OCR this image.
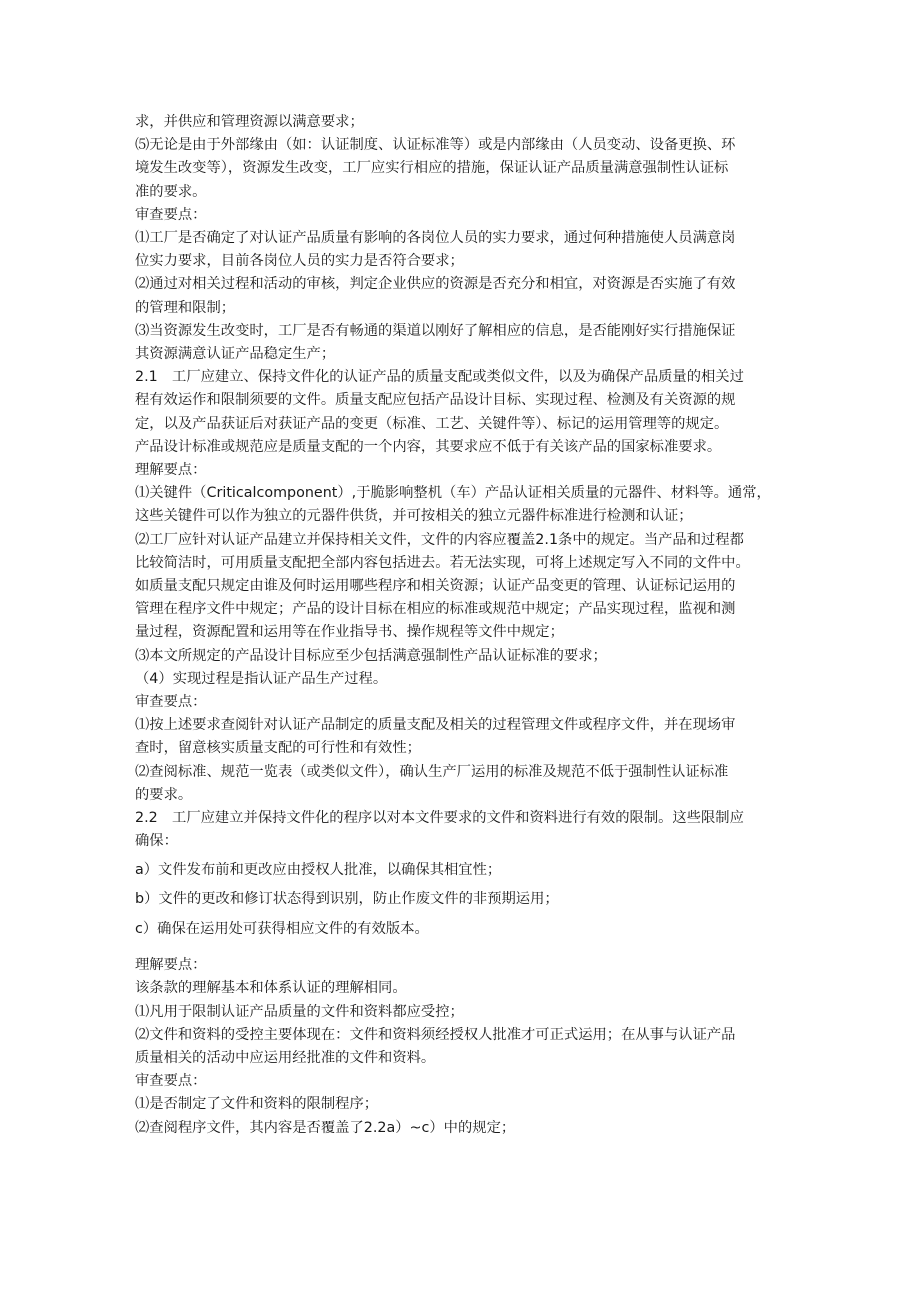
求，并供应和管理资源以满意要求；

⑸无论是由于外部缘由（如：认证制度、认证标准等）或是内部缘由（人员变动、设备更换、环

境发生改变等），资源发生改变，工厂应实行相应的措施，保证认证产品质量满意强制性认证标

准的要求。

审查要点：

⑴工厂是否确定了对认证产品质量有影响的各岗位人员的实力要求，通过何种措施使人员满意岗

位实力要求，目前各岗位人员的实力是否符合要求；

⑵通过对相关过程和活动的审核，判定企业供应的资源是否充分和相宜，对资源是否实施了有效

的管理和限制；

⑶当资源发生改变时，工厂是否有畅通的渠道以刚好了解相应的信息，是否能刚好实行措施保证

其资源满意认证产品稳定生产；

2.1　工厂应建立、保持文件化的认证产品的质量支配或类似文件，以及为确保产品质量的相关过

程有效运作和限制须要的文件。质量支配应包括产品设计目标、实现过程、检测及有关资源的规

定，以及产品获证后对获证产品的变更（标准、工艺、关键件等）、标记的运用管理等的规定。

产品设计标准或规范应是质量支配的一个内容，其要求应不低于有关该产品的国家标准要求。

理解要点：

⑴关键件（Criticalcomponent）,于脆影响整机（车）产品认证相关质量的元器件、材料等。通常，

这些关键件可以作为独立的元器件供货，并可按相关的独立元器件标准进行检测和认证；

⑵工厂应针对认证产品建立并保持相关文件，文件的内容应覆盖2.1条中的规定。当产品和过程都

比较简洁时，可用质量支配把全部内容包括进去。若无法实现，可将上述规定写入不同的文件中。

如质量支配只规定由谁及何时运用哪些程序和相关资源；认证产品变更的管理、认证标记运用的

管理在程序文件中规定；产品的设计目标在相应的标准或规范中规定；产品实现过程，监视和测

量过程，资源配置和运用等在作业指导书、操作规程等文件中规定；

⑶本文所规定的产品设计目标应至少包括满意强制性产品认证标准的要求；

（4）实现过程是指认证产品生产过程。

审查要点：

⑴按上述要求查阅针对认证产品制定的质量支配及相关的过程管理文件或程序文件，并在现场审

查时，留意核实质量支配的可行性和有效性；

⑵查阅标准、规范一览表（或类似文件），确认生产厂运用的标准及规范不低于强制性认证标准

的要求。

2.2　工厂应建立并保持文件化的程序以对本文件要求的文件和资料进行有效的限制。这些限制应

确保：

a）文件发布前和更改应由授权人批准，以确保其相宜性；

b）文件的更改和修订状态得到识别，防止作废文件的非预期运用；

c）确保在运用处可获得相应文件的有效版本。

理解要点：

该条款的理解基本和体系认证的理解相同。

⑴凡用于限制认证产品质量的文件和资料都应受控；

⑵文件和资料的受控主要体现在：文件和资料须经授权人批准才可正式运用；在从事与认证产品

质量相关的活动中应运用经批准的文件和资料。

审查要点：

⑴是否制定了文件和资料的限制程序；

⑵查阅程序文件，其内容是否覆盖了2.2a）~c）中的规定；
